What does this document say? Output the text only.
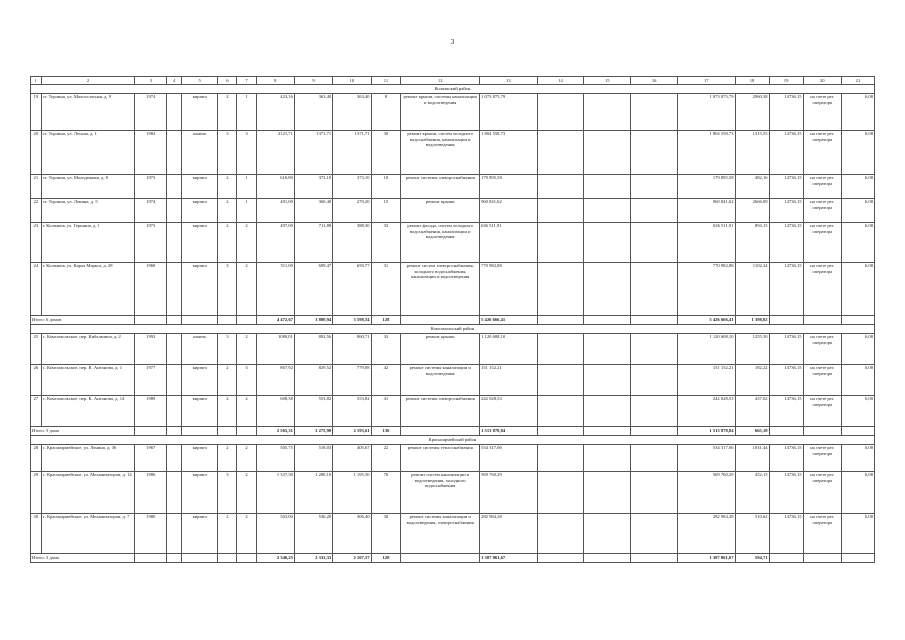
3
1	2	3	4	5	6	7	8	9	10	11	12	13	14	15	16	17	18	19	20	21
Колпакский район																				
19	ст. Торлина, ул. Малоостасная, д. 9	1974		кирпич	2	1	423,16	363,40	363,40	8	ремонт крыши, системы канализации и водоотведения	1 073 875,79				1 073 875,79	2960,38	14736,15	на счете рег. оператора	6,08
20	ст. Торлина, ул. Лесная, д. 1	1984		панель	3	3	2121,71	1371,71	1371,71	30	ремонт крыши, систем холодного водоснабжения, канализации и водоотведения	1 804 558,73				1 804 558,73	1315,55	14736,15	на счете рег. оператора	6,08
21	ст. Торлина, ул. Молодежная, д. 8	1973		кирпич	2	1	616,80	373,10	373,10	10	ремонт системы электроснабжения	179 895,58				179 895,58	482,16	14736,15	на счете рег. оператора	6,08
22	ст. Торлина, ул. Ленина, д. 5	1974		кирпич	2	1	401,00	360,40	270,20	15	ремонт крыши	960 841,62				960 841,62	2666,09	14736,15	на счете рег. оператора	6,08
23	г. Колпаков, ул. Гершина, д. 1	1973		кирпич	2	2	497,00	711,88	388,30	33	ремонт фасада, систем холодного водоснабжения, канализации и водоотведения	636 511,91				636 511,91	894,15	14736,15	на счете рег. оператора	6,08
24	г. Колпаков, ул. Карла Маркса, д. 28	1968		кирпич	3	2	511,00	699,47	659,77	31	ремонт систем электроснабжения, холодного водоснабжения, канализации и водоотведения	770 982,88				770 982,88	1102,24	14736,15	на счете рег. оператора	6,08
Итого: 6 домов							4 472,67	3 880,94	3 598,54	128		5 426 666,41				5 426 666,41	1 398,02			
Комсомольский район																				
25	с. Комсомольское, пер. Кибальчича, д. 2	1993		панель	3	2	1080,01	892,56	860,71	33	ремонт крыши	1 120 608,10				1 120 608,10	1255,50	14736,15	на счете рег. оператора	6,08
26	с. Комсомольское, пер. К. Антонова, д. 1	1977		кирпич	2	3	867,92	829,52	779,08	42	ремонт системы канализации и водоотведения	151 152,21				151 152,21	182,22	14736,15	на счете рег. оператора	6,08
27	с. Комсомольское, пер. К. Антонова, д. 14	1989		кирпич	2	2	608,38	553,82	553,82	41	ремонт системы электроснабжения	242 028,53				242 028,53	437,02	14736,15	на счете рег. оператора	6,08
Итого: 3 дома							2 565,31	2 275,90	2 193,61	136		1 513 878,84				1 513 878,84	665,18			
Красноармейский район																				
28	с. Красноармейское, ул. Ленина, д. 36	1967		кирпич	2	2	505,75	518,03	405,67	22	ремонт системы теплоснабжения	534 317,06				534 317,06	1031,44	14736,15	на счете рег. оператора	6,08
29	с. Красноармейское, ул. Механизаторов, д. 14	1986		кирпич	3	2	1 337,50	1 280,10	1 195,50	76	ремонт систем канализации и водоотведения, холодного водоснабжения	569 760,29				569 760,29	452,15	14736,15	на счете рег. оператора	6,08
30	с. Красноармейское, ул. Механизаторов, д. 7	1980		кирпич	2	2	503,00	536,20	306,40	30	ремонт системы канализации и водоотведения, электроснабжения	282 984,38				282 984,38	510,62	14736,15	на счете рег. оператора	6,08
Итого: 3 дома							2 346,25	2 332,33	2 167,57	128		1 387 061,67				1 387 061,67	594,71			
